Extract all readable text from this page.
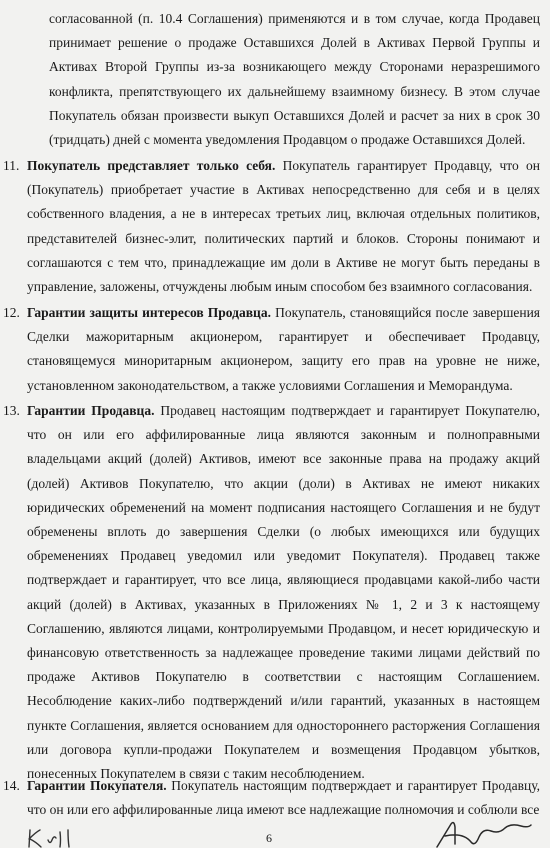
согласованной (п. 10.4 Соглашения) применяются и в том случае, когда Продавец принимает решение о продаже Оставшихся Долей в Активах Первой Группы и Активах Второй Группы из-за возникающего между Сторонами неразрешимого конфликта, препятствующего их дальнейшему взаимному бизнесу. В этом случае Покупатель обязан произвести выкуп Оставшихся Долей и расчет за них в срок 30 (тридцать) дней с момента уведомления Продавцом о продаже Оставшихся Долей.
11. Покупатель представляет только себя. Покупатель гарантирует Продавцу, что он (Покупатель) приобретает участие в Активах непосредственно для себя и в целях собственного владения, а не в интересах третьих лиц, включая отдельных политиков, представителей бизнес-элит, политических партий и блоков. Стороны понимают и соглашаются с тем что, принадлежащие им доли в Активе не могут быть переданы в управление, заложены, отчуждены любым иным способом без взаимного согласования.
12. Гарантии защиты интересов Продавца. Покупатель, становящийся после завершения Сделки мажоритарным акционером, гарантирует и обеспечивает Продавцу, становящемуся миноритарным акционером, защиту его прав на уровне не ниже, установленном законодательством, а также условиями Соглашения и Меморандума.
13. Гарантии Продавца. Продавец настоящим подтверждает и гарантирует Покупателю, что он или его аффилированные лица являются законным и полноправными владельцами акций (долей) Активов, имеют все законные права на продажу акций (долей) Активов Покупателю, что акции (доли) в Активах не имеют никаких юридических обременений на момент подписания настоящего Соглашения и не будут обременены вплоть до завершения Сделки (о любых имеющихся или будущих обременениях Продавец уведомил или уведомит Покупателя). Продавец также подтверждает и гарантирует, что все лица, являющиеся продавцами какой-либо части акций (долей) в Активах, указанных в Приложениях № 1, 2 и 3 к настоящему Соглашению, являются лицами, контролируемыми Продавцом, и несет юридическую и финансовую ответственность за надлежащее проведение такими лицами действий по продаже Активов Покупателю в соответствии с настоящим Соглашением. Несоблюдение каких-либо подтверждений и/или гарантий, указанных в настоящем пункте Соглашения, является основанием для одностороннего расторжения Соглашения или договора купли-продажи Покупателем и возмещения Продавцом убытков, понесенных Покупателем в связи с таким несоблюдением.
14. Гарантии Покупателя. Покупатель настоящим подтверждает и гарантирует Продавцу, что он или его аффилированные лица имеют все надлежащие полномочия и соблюли все
6
